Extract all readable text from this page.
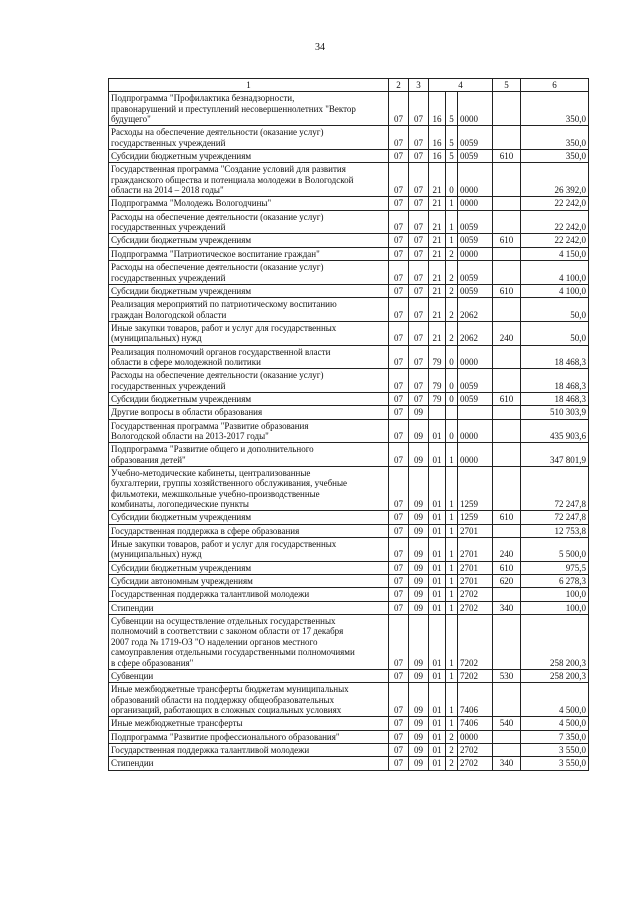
34
1	2	3	4			5	6

Подпрограмма "Профилактика безнадзорности,
правонарушений и преступлений несовершеннолетних "Вектор
будущего"	07	07	16	5	0000		350,0

Расходы на обеспечение деятельности (оказание услуг)
государственных учреждений	07	07	16	5	0059		350,0

Субсидии бюджетным учреждениям	07	07	16	5	0059	610	350,0

Государственная программа "Создание условий для развития
гражданского общества и потенциала молодежи в Вологодской
области на 2014 – 2018 годы"	07	07	21	0	0000		26 392,0

Подпрограмма "Молодежь Вологодчины"	07	07	21	1	0000		22 242,0

Расходы на обеспечение деятельности (оказание услуг)
государственных учреждений	07	07	21	1	0059		22 242,0

Субсидии бюджетным учреждениям	07	07	21	1	0059	610	22 242,0

Подпрограмма "Патриотическое воспитание граждан"	07	07	21	2	0000		4 150,0

Расходы на обеспечение деятельности (оказание услуг)
государственных учреждений	07	07	21	2	0059		4 100,0

Субсидии бюджетным учреждениям	07	07	21	2	0059	610	4 100,0

Реализация мероприятий по патриотическому воспитанию
граждан Вологодской области	07	07	21	2	2062		50,0

Иные закупки товаров, работ и услуг для государственных
(муниципальных) нужд	07	07	21	2	2062	240	50,0

Реализация полномочий органов государственной власти
области в сфере молодежной политики	07	07	79	0	0000		18 468,3

Расходы на обеспечение деятельности (оказание услуг)
государственных учреждений	07	07	79	0	0059		18 468,3

Субсидии бюджетным учреждениям	07	07	79	0	0059	610	18 468,3

Другие вопросы в области образования	07	09					510 303,9

Государственная программа "Развитие образования
Вологодской области на 2013-2017 годы"	07	09	01	0	0000		435 903,6

Подпрограмма "Развитие общего и дополнительного
образования детей"	07	09	01	1	0000		347 801,9

Учебно-методические кабинеты, централизованные
бухгалтерии, группы хозяйственного обслуживания, учебные
фильмотеки, межшкольные учебно-производственные
комбинаты, логопедические пункты	07	09	01	1	1259		72 247,8

Субсидии бюджетным учреждениям	07	09	01	1	1259	610	72 247,8

Государственная поддержка в сфере образования	07	09	01	1	2701		12 753,8

Иные закупки товаров, работ и услуг для государственных
(муниципальных) нужд	07	09	01	1	2701	240	5 500,0

Субсидии бюджетным учреждениям	07	09	01	1	2701	610	975,5

Субсидии автономным учреждениям	07	09	01	1	2701	620	6 278,3

Государственная поддержка талантливой молодежи	07	09	01	1	2702		100,0

Стипендии	07	09	01	1	2702	340	100,0

Субвенции на осуществление отдельных государственных
полномочий в соответствии с законом области от 17 декабря
2007 года № 1719-ОЗ "О наделении органов местного
самоуправления отдельными государственными полномочиями
в сфере образования"	07	09	01	1	7202		258 200,3

Субвенции	07	09	01	1	7202	530	258 200,3

Иные межбюджетные трансферты бюджетам муниципальных
образований области на поддержку общеобразовательных
организаций, работающих в сложных социальных условиях	07	09	01	1	7406		4 500,0

Иные межбюджетные трансферты	07	09	01	1	7406	540	4 500,0

Подпрограмма "Развитие профессионального образования"	07	09	01	2	0000		7 350,0

Государственная поддержка талантливой молодежи	07	09	01	2	2702		3 550,0

Стипендии	07	09	01	2	2702	340	3 550,0
